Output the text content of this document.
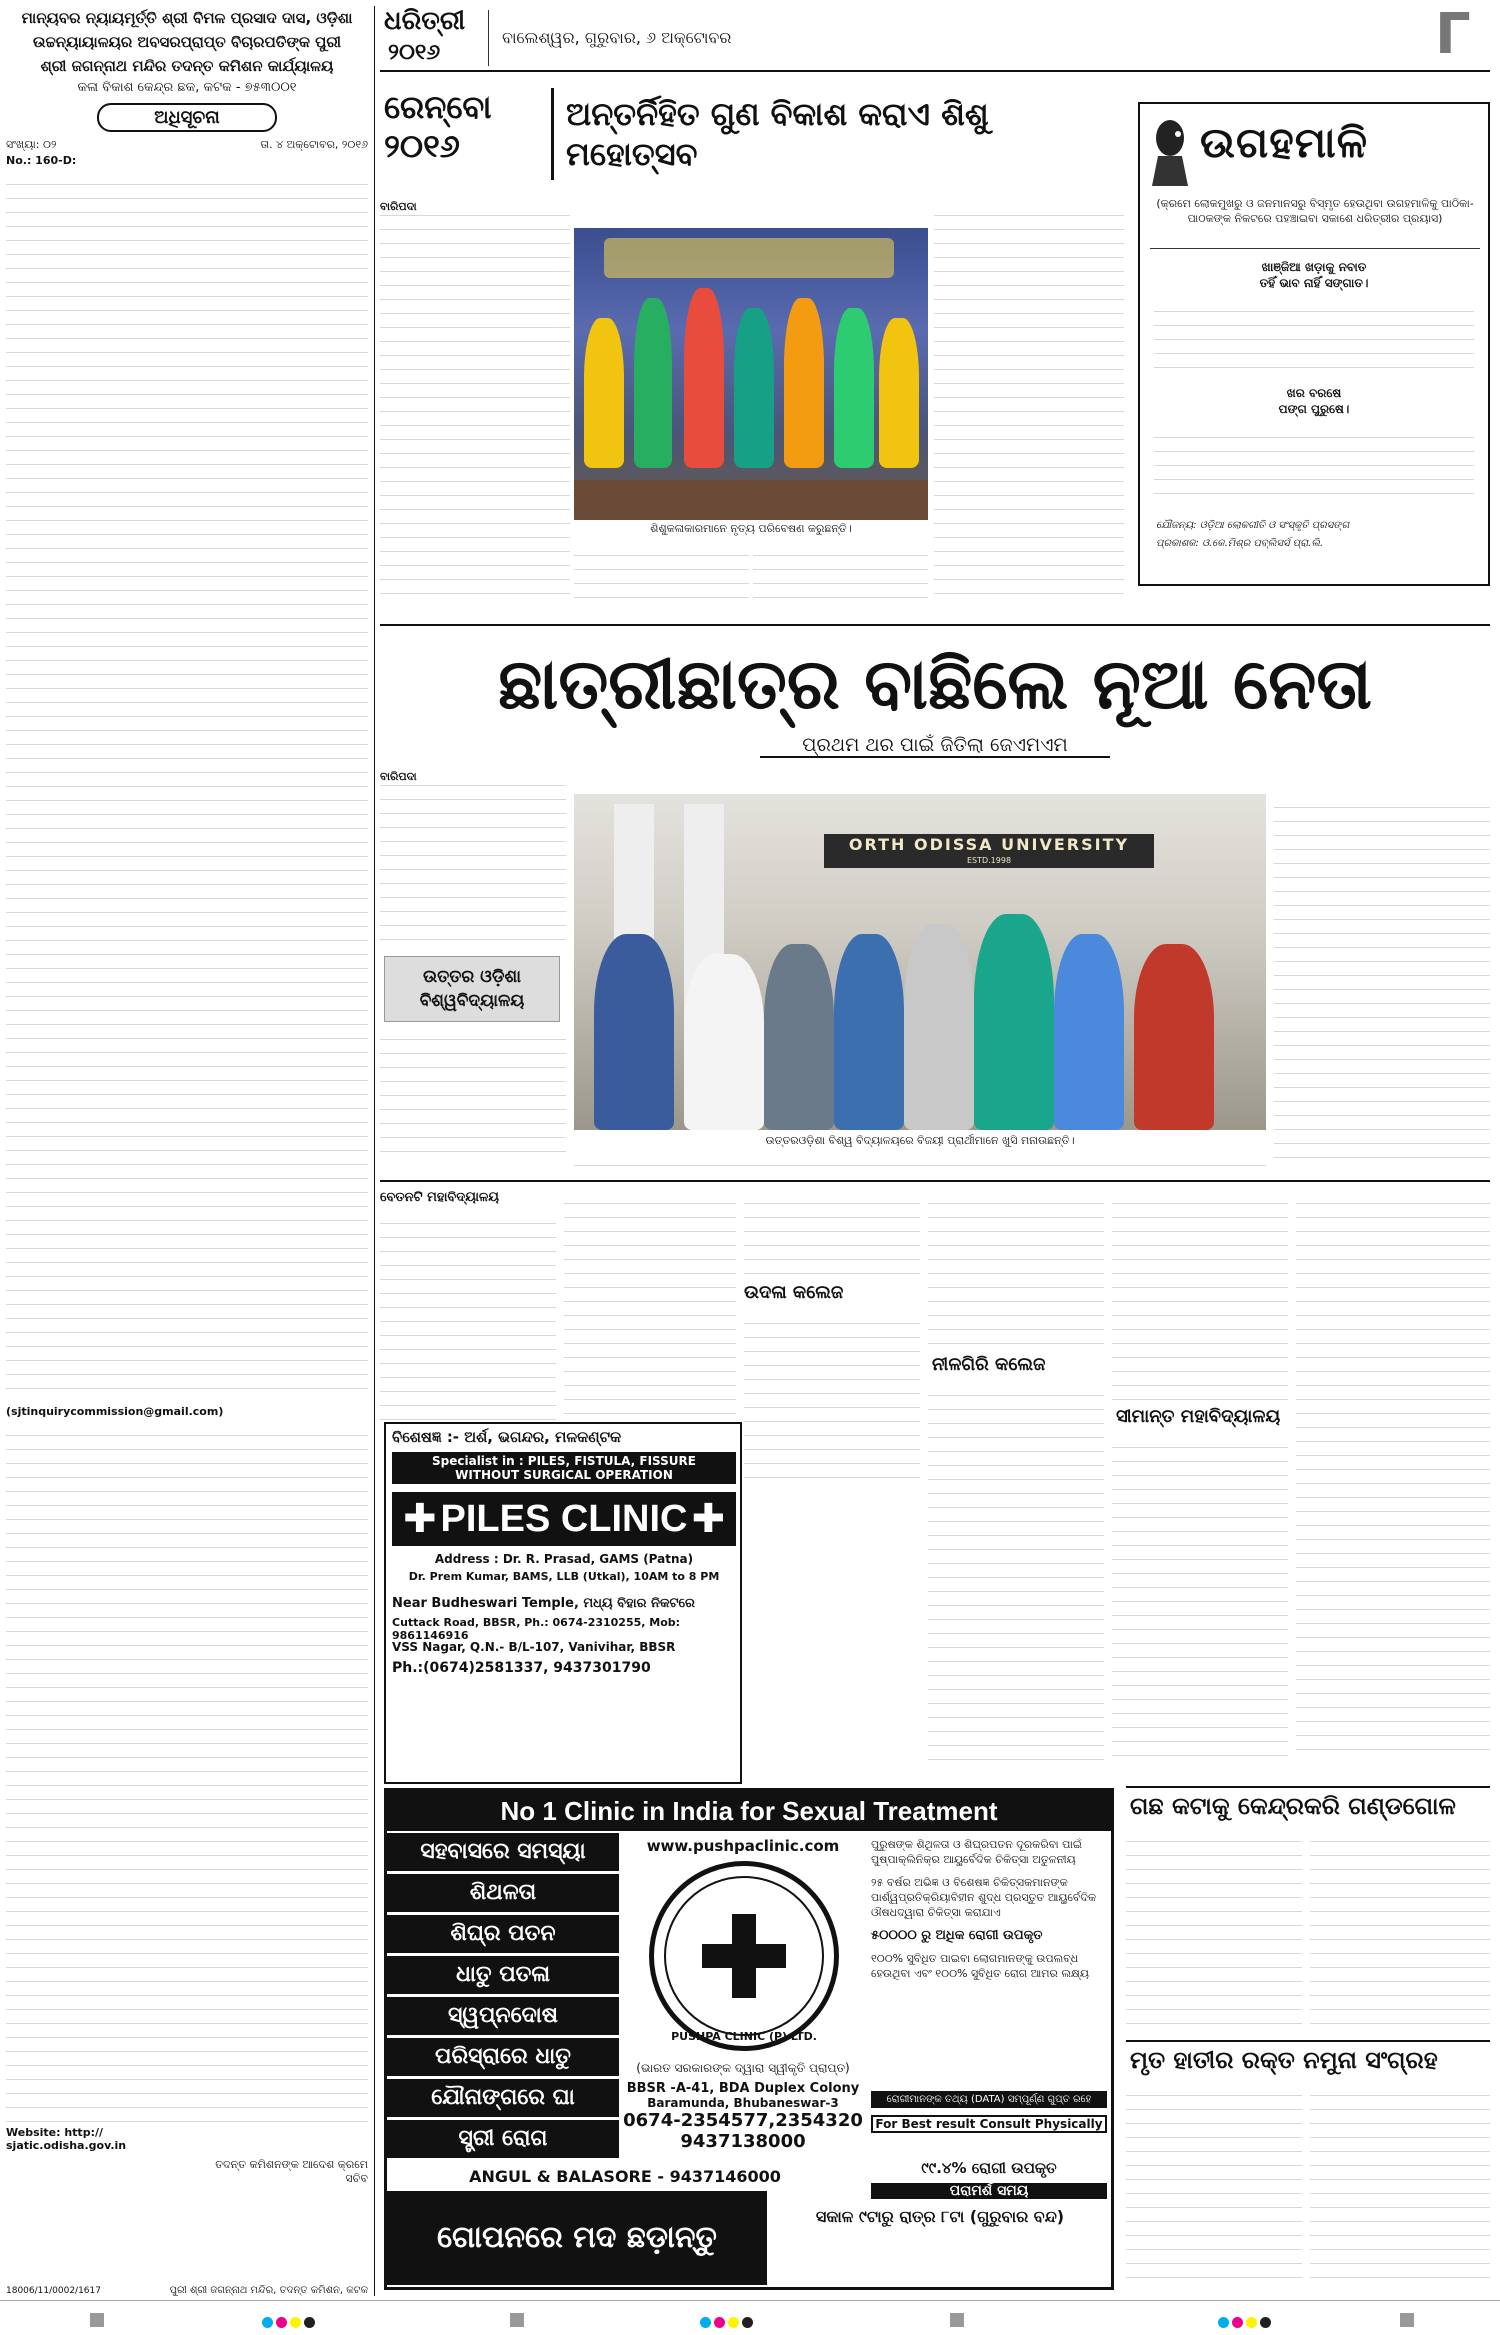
ଧରିତ୍ରୀ
୨୦୧୬
ବାଲେଶ୍ୱର, ଗୁରୁବାର, ୬ ଅକ୍ଟୋବର	Γ
ମାନ୍ୟବର ନ୍ୟାୟମୂର୍ତ୍ତି ଶ୍ରୀ ବିମଳ ପ୍ରସାଦ ଦାସ, ଓଡ଼ିଶା
ଉଚ୍ଚନ୍ୟାୟାଳୟର ଅବସରପ୍ରାପ୍ତ ବିଚାରପତିଙ୍କ ପୁରୀ
ଶ୍ରୀ ଜଗନ୍ନାଥ ମନ୍ଦିର ତଦନ୍ତ କମିଶନ କାର୍ଯ୍ୟାଳୟ
କଳା ବିକାଶ କେନ୍ଦ୍ର ଛକ, କଟକ - ୭୫୩୦୦୧
ଅଧିସୂଚନା
ସଂଖ୍ୟା: ୦୨	ତା. ୪ ଅକ୍ଟୋବର, ୨୦୧୬
No.: 160-D:
(sjtinquirycommission@gmail.com)
Website: http://
sjatic.odisha.gov.in
ତଦନ୍ତ କମିଶନଙ୍କ ଆଦେଶ କ୍ରମେ
ସଚିବ
18006/11/0002/1617	ପୁରୀ ଶ୍ରୀ ଜଗନ୍ନାଥ ମନ୍ଦିର, ତଦନ୍ତ କମିଶନ, କଟକ
ରେନ୍‌ବୋ
୨୦୧୬
ଅନ୍ତର୍ନିହିତ ଗୁଣ ବିକାଶ କରାଏ ଶିଶୁ ମହୋତ୍ସବ
ବାରିପଦା
ଶିଶୁକଳାକାରମାନେ ନୃତ୍ୟ ପରିବେଷଣ କରୁଛନ୍ତି।
ଉଗହମାଳି
(କ୍ରମେ ଲୋକମୁଖରୁ ଓ ଜନମାନସରୁ ବିସ୍ମୃତ ହେଉଥିବା ଉଗହମାଳିକୁ ପାଠିକା-ପାଠକଙ୍କ ନିକଟରେ ପହଞ୍ଚାଇବା ସକାଶେ ଧରିତ୍ରୀର ପ୍ରୟାସ)
ଖାଞ୍ଜିଆ ଖଡ଼ାକୁ ନବାତ
ତହିଁ ଭାବ ନାହିଁ ସଙ୍ଗାତ।
ଖର ବରଷେ
ପଙ୍ଗ ପୁରୁଷେ।
ଯୌଜନ୍ୟ: ଓଡ଼ିଆ ଲୋକଗୀତି ଓ ସଂସ୍କୃତି ପ୍ରସଙ୍ଗ
ପ୍ରକାଶକ: ଓ.କେ.ମିଶ୍ର ପବ୍ଲିସର୍ସ ପ୍ରା.ଲି.
ଛାତ୍ରୀଛାତ୍ର ବାଛିଲେ ନୂଆ ନେତା
ପ୍ରଥମ ଥର ପାଇଁ ଜିତିଲା ଜେଏମଏମ
ବାରିପଦା
ଉତ୍ତର ଓଡ଼ିଶା ବିଶ୍ୱବିଦ୍ୟାଳୟ
ORTH ODISSA UNIVERSITY
ESTD.1998
ଉତ୍ତରଓଡ଼ିଶା ବିଶ୍ୱ ବିଦ୍ୟାଳୟରେ ବିଜୟୀ ପ୍ରାର୍ଥୀମାନେ ଖୁସି ମନାଉଛନ୍ତି।
ବେତନଟି ମହାବିଦ୍ୟାଳୟ
ଉଦଳା କଲେଜ
ନୀଳଗିରି କଲେଜ
ସୀମାନ୍ତ ମହାବିଦ୍ୟାଳୟ
ବିଶେଷଜ୍ଞ :- ଅର୍ଶ, ଭଗନ୍ଦର, ମଳକଣ୍ଟକ
Specialist in : PILES, FISTULA, FISSURE
WITHOUT SURGICAL OPERATION
✚ PILES CLINIC ✚
Address : Dr. R. Prasad, GAMS (Patna)
Dr. Prem Kumar, BAMS, LLB (Utkal), 10AM to 8 PM
Near Budheswari Temple, ମଧ୍ୟ ବିହାର ନିକଟରେ
Cuttack Road, BBSR, Ph.: 0674-2310255, Mob: 9861146916
VSS Nagar, Q.N.- B/L-107, Vanivihar, BBSR
Ph.:(0674)2581337, 9437301790
No 1 Clinic in India for Sexual Treatment
ସହବାସରେ ସମସ୍ୟା
ଶିଥଳତା
ଶିଘ୍ର ପତନ
ଧାତୁ ପତଳା
ସ୍ୱପ୍ନଦୋଷ
ପରିସ୍ରାରେ ଧାତୁ
ଯୌନାଙ୍ଗରେ ଘା
ସ୍ତ୍ରୀ ରୋଗ
www.pushpaclinic.com
PUSHPA CLINIC (P) LTD.
(ଭାରତ ସରକାରଙ୍କ ଦ୍ୱାରା ସ୍ୱୀକୃତି ପ୍ରାପ୍ତ)
BBSR -A-41, BDA Duplex Colony
Baramunda, Bhubaneswar-3
0674-2354577,2354320
9437138000
ପୁରୁଷଙ୍କ ଶିଥିଳତା ଓ ଶିଘ୍ରପତନ ଦୂରକରିବା ପାଇଁ ପୁଷ୍ପାକ୍ଲିନିକ୍‌ର ଆୟୁର୍ବେଦିକ ଚିକିତ୍ସା ଅତୁଳନୀୟ
୨୫ ବର୍ଷର ଅଭିଜ୍ଞ ଓ ବିଶେଷଜ୍ଞ ଚିକିତ୍ସକମାନଙ୍କ ପାର୍ଶ୍ୱପ୍ରତିକ୍ରିୟାବିହୀନ ଶୁଦ୍ଧ ପ୍ରସ୍ତୁତ ଆୟୁର୍ବେଦିକ ଔଷଧଦ୍ୱାରା ଚିକିତ୍ସା କରାଯାଏ
୫୦୦୦୦ ରୁ ଅଧିକ ରୋଗୀ ଉପକୃତ
୧୦୦% ସୁବିଧିତ ପାଇବା ଲୋଗମାନଙ୍କୁ ଉପଲବ୍ଧ ହେଉଥିବା ଏବଂ ୧୦୦% ସୁବିଧିତ ରୋଗ ଆମର ଲକ୍ଷ୍ୟ
ରୋଗୀମାନଙ୍କ ତଥ୍ୟ (DATA) ସମ୍ପୂର୍ଣ୍ଣ ଗୁପ୍ତ ରହେ
For Best result Consult Physically
୯୯.୪% ରୋଗୀ ଉପକୃତ
ANGUL & BALASORE - 9437146000
ପରାମର୍ଶ ସମୟ
ଗୋପନରେ ମଦ ଛଡ଼ାନ୍ତୁ
ସକାଳ ୯ଟାରୁ ରାତ୍ର ୮ଟା (ଗୁରୁବାର ବନ୍ଦ)
ଗଛ କଟାକୁ କେନ୍ଦ୍ରକରି ଗଣ୍ଡଗୋଳ
ମୃତ ହାତୀର ରକ୍ତ ନମୁନା ସଂଗ୍ରହ
